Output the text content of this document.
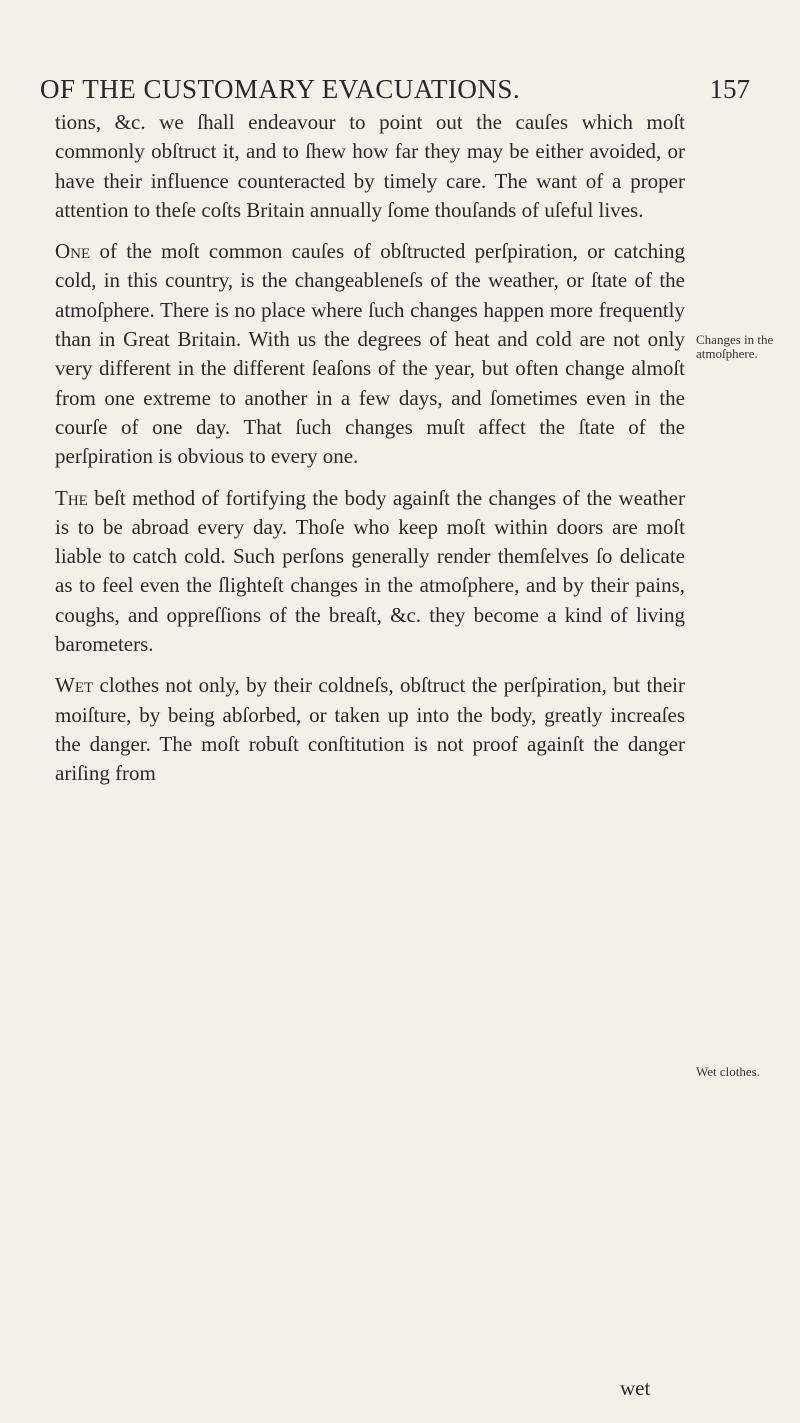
OF THE CUSTOMARY EVACUATIONS.	157

tions, &c. we ſhall endeavour to point out the cauſes which moſt commonly obſtruct it, and to ſhew how far they may be either avoided, or have their influence counteracted by timely care. The want of a proper attention to theſe coſts Britain annually ſome thouſands of uſeful lives.

One of the moſt common cauſes of obſtructed perſpiration, or catching cold, in this country, is the changeableneſs of the weather, or ſtate of the atmoſphere. There is no place where ſuch changes happen more frequently than in Great Britain. With us the degrees of heat and cold are not only very different in the different ſeaſons of the year, but often change almoſt from one extreme to another in a few days, and ſometimes even in the courſe of one day. That ſuch changes muſt affect the ſtate of the perſpiration is obvious to every one.

The beſt method of fortifying the body againſt the changes of the weather is to be abroad every day. Thoſe who keep moſt within doors are moſt liable to catch cold. Such perſons generally render themſelves ſo delicate as to feel even the ſlighteſt changes in the atmoſphere, and by their pains, coughs, and oppreſſions of the breaſt, &c. they become a kind of living barometers.

Wet clothes not only, by their coldneſs, obſtruct the perſpiration, but their moiſture, by being abſorbed, or taken up into the body, greatly increaſes the danger. The moſt robuſt conſtitution is not proof againſt the danger ariſing from

Changes in the atmoſphere.
Wet clothes.
wet
